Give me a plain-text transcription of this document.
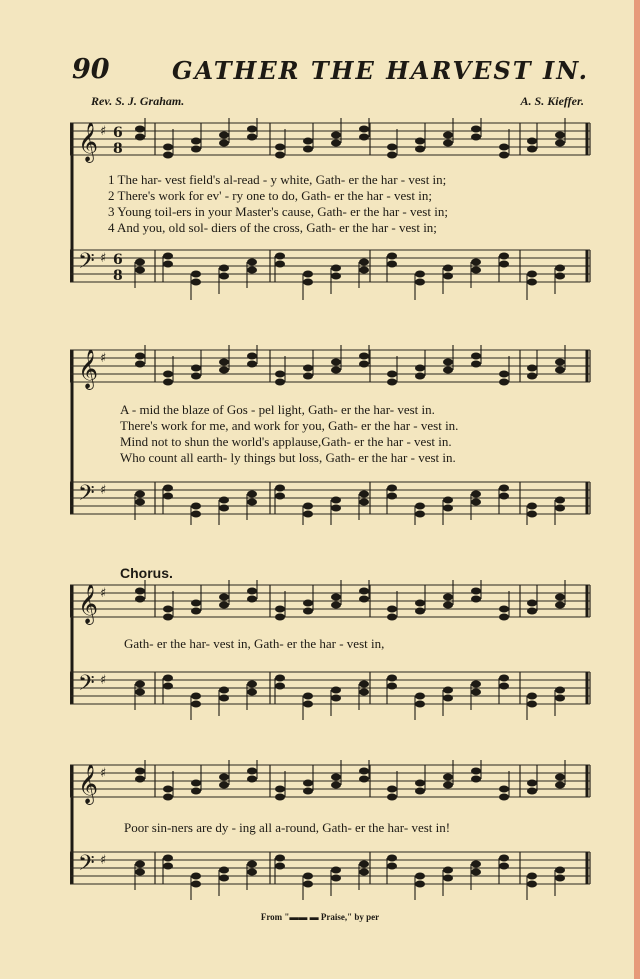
90	GATHER THE HARVEST IN.
Rev. S. J. Graham.	A. S. Kieffer.
𝄞 ♯ 6
8
𝄢 ♯ 6
8
1 The har- vest field's al-read - y white, Gath- er the har - vest in;
2 There's work for ev' - ry one to do, Gath- er the har - vest in;
3 Young toil-ers in your Master's cause, Gath- er the har - vest in;
4 And you, old sol- diers of the cross, Gath- er the har - vest in;
𝄞 ♯
𝄢 ♯
A - mid the blaze of Gos - pel light, Gath- er the har- vest in.
There's work for me, and work for you, Gath- er the har - vest in.
Mind not to shun the world's applause,Gath- er the har - vest in.
Who count all earth- ly things but loss, Gath- er the har - vest in.
Chorus.
𝄞 ♯
𝄢 ♯
Gath- er the har- vest in, Gath- er the har - vest in,
𝄞 ♯
𝄢 ♯
Poor sin-ners are dy - ing all a-round, Gath- er the har- vest in!
From "▬▬ ▬ Praise," by per
